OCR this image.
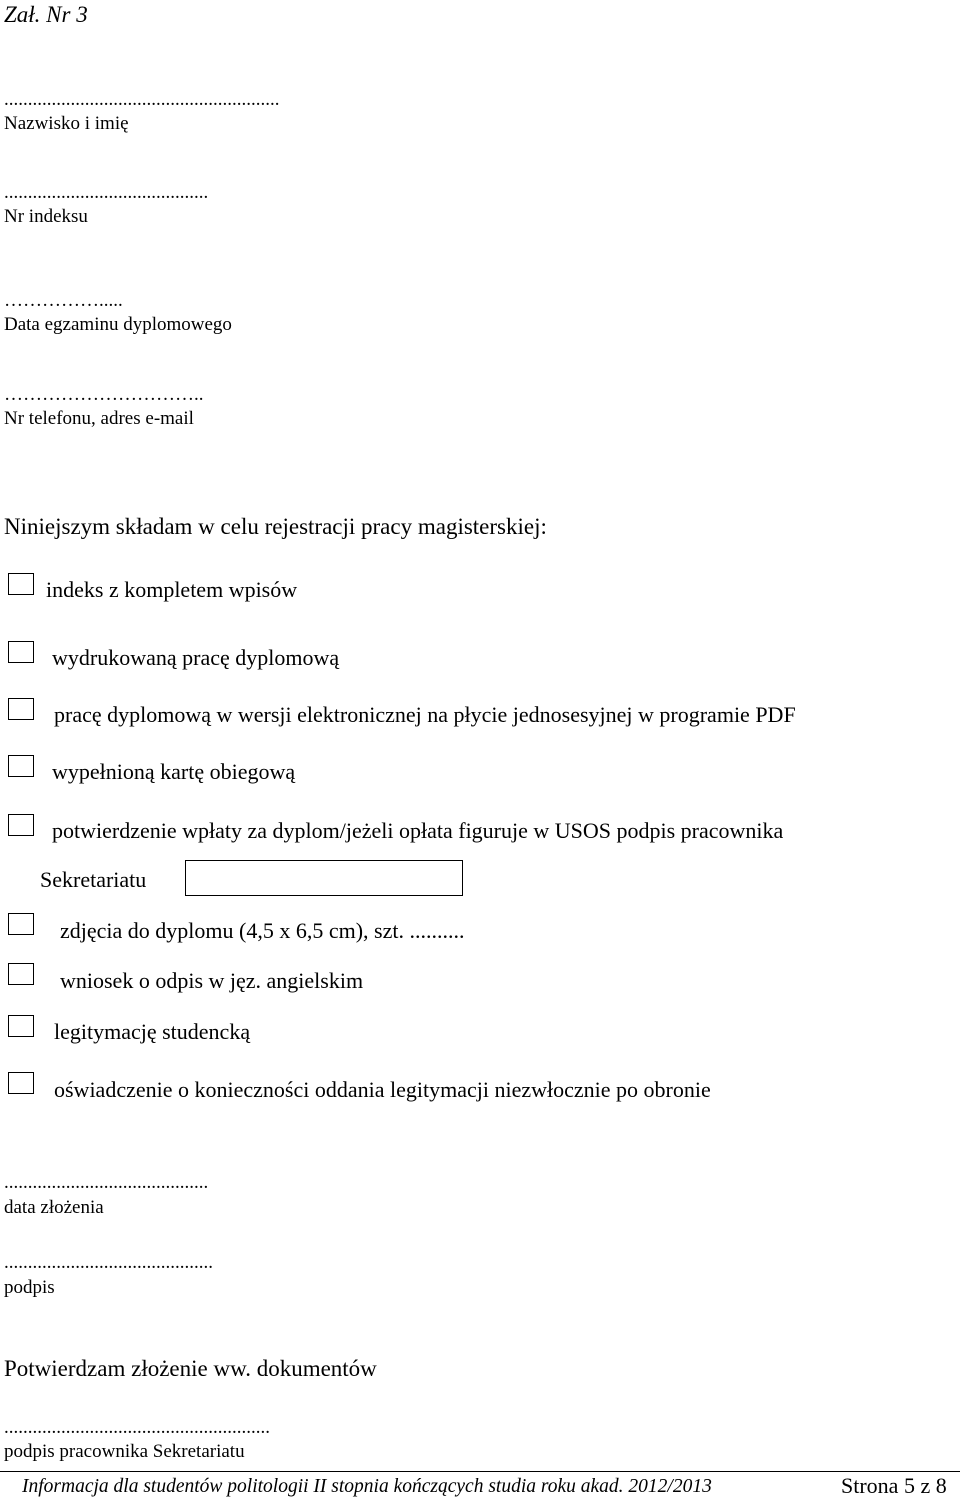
Zał. Nr 3
..........................................................
Nazwisko i imię
...........................................
Nr indeksu
…………….....
Data egzaminu dyplomowego
…………………………..
Nr telefonu, adres e-mail
Niniejszym składam w celu rejestracji pracy magisterskiej:
indeks z kompletem wpisów
wydrukowaną pracę dyplomową
pracę dyplomową w wersji elektronicznej na płycie jednosesyjnej w programie PDF
wypełnioną kartę obiegową
potwierdzenie wpłaty za dyplom/jeżeli opłata figuruje w USOS podpis pracownika
Sekretariatu
zdjęcia do dyplomu (4,5 x 6,5 cm), szt. ..........
wniosek o odpis w jęz. angielskim
legitymację studencką
oświadczenie o konieczności oddania legitymacji niezwłocznie po obronie
...........................................
data złożenia
............................................
podpis
Potwierdzam złożenie ww. dokumentów
........................................................
podpis pracownika Sekretariatu
Informacja dla studentów politologii II stopnia kończących studia roku akad. 2012/2013	Strona 5 z 8
